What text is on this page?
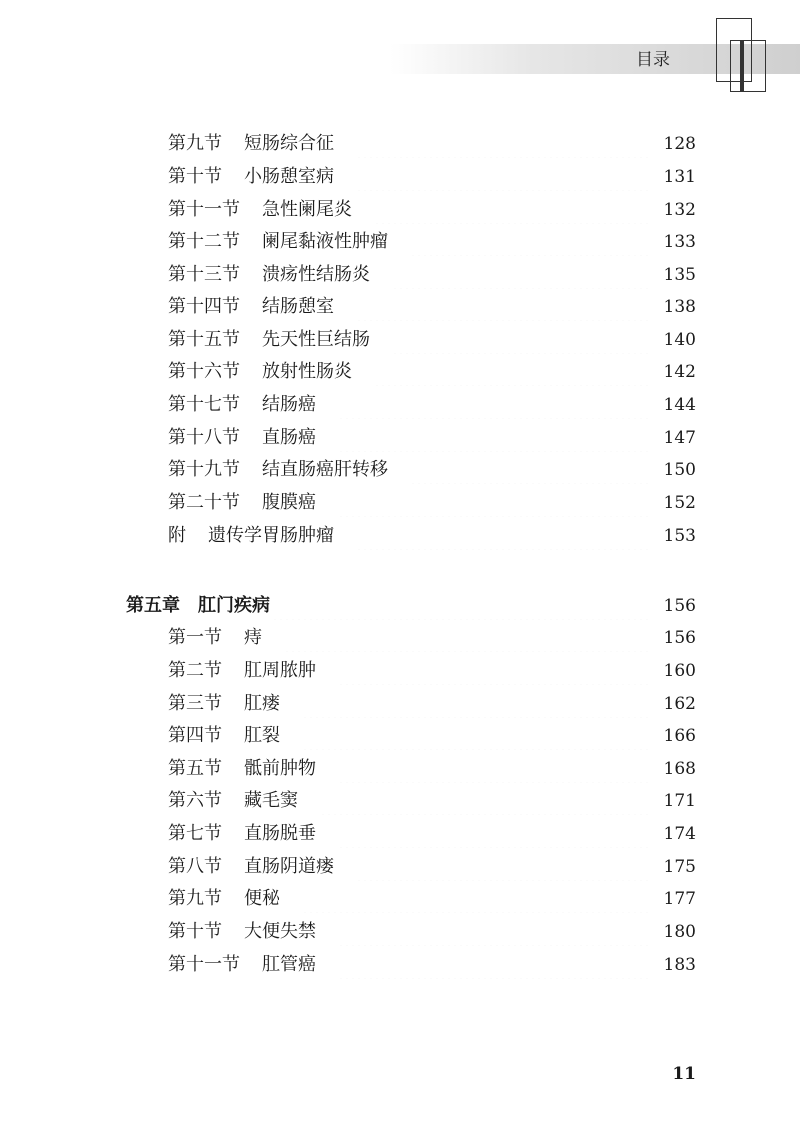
目录
第九节 短肠综合征	128
第十节 小肠憩室病	131
第十一节 急性阑尾炎	132
第十二节 阑尾黏液性肿瘤	133
第十三节 溃疡性结肠炎	135
第十四节 结肠憩室	138
第十五节 先天性巨结肠	140
第十六节 放射性肠炎	142
第十七节 结肠癌	144
第十八节 直肠癌	147
第十九节 结直肠癌肝转移	150
第二十节 腹膜癌	152
附 遗传学胃肠肿瘤	153
第五章 肛门疾病	156
第一节 痔	156
第二节 肛周脓肿	160
第三节 肛瘘	162
第四节 肛裂	166
第五节 骶前肿物	168
第六节 藏毛窦	171
第七节 直肠脱垂	174
第八节 直肠阴道瘘	175
第九节 便秘	177
第十节 大便失禁	180
第十一节 肛管癌	183
11
